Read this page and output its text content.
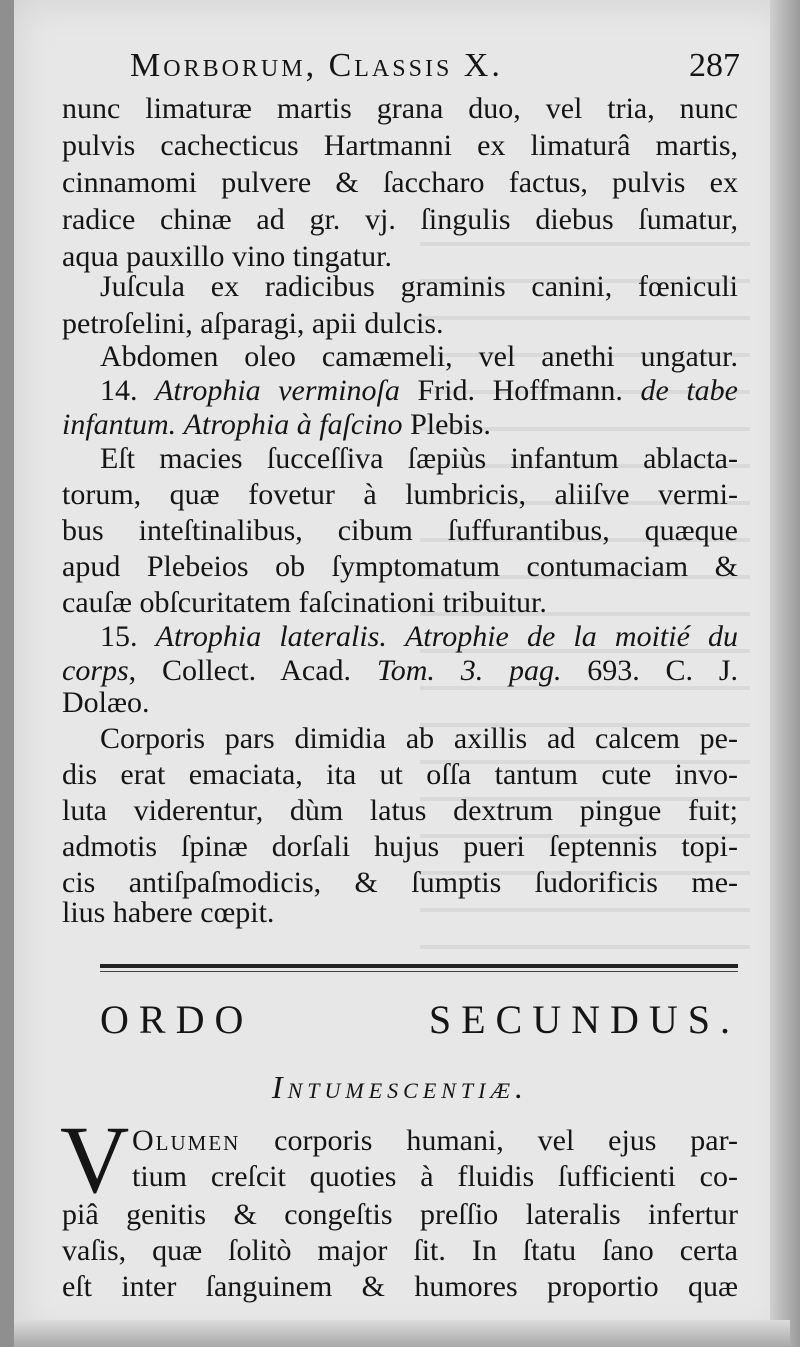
Morborum, Classis X.	287
nunc limaturæ martis grana duo, vel tria, nunc
pulvis cachecticus Hartmanni ex limaturâ martis,
cinnamomi pulvere & ſaccharo factus, pulvis ex
radice chinæ ad gr. vj. ſingulis diebus ſumatur,
aqua pauxillo vino tingatur.
Juſcula ex radicibus graminis canini, fœniculi
petroſelini, aſparagi, apii dulcis.
Abdomen oleo camæmeli, vel anethi ungatur.
14. Atrophia verminoſa Frid. Hoffmann. de tabe
infantum. Atrophia à faſcino Plebis.
Eſt macies ſucceſſiva ſæpiùs infantum ablacta-
torum, quæ fovetur à lumbricis, aliiſve vermi-
bus inteſtinalibus, cibum ſuffurantibus, quæque
apud Plebeios ob ſymptomatum contumaciam &
cauſæ obſcuritatem faſcinationi tribuitur.
15. Atrophia lateralis. Atrophie de la moitié du
corps, Collect. Acad. Tom. 3. pag. 693. C. J.
Dolæo.
Corporis pars dimidia ab axillis ad calcem pe-
dis erat emaciata, ita ut oſſa tantum cute invo-
luta viderentur, dùm latus dextrum pingue fuit;
admotis ſpinæ dorſali hujus pueri ſeptennis topi-
cis antiſpaſmodicis, & ſumptis ſudorificis me-
lius habere cœpit.
ORDO SECUNDUS.
Intumescentiæ.
V Olumen corporis humani, vel ejus par-
tium creſcit quoties à fluidis ſufficienti co-
piâ genitis & congeſtis preſſio lateralis infertur
vaſis, quæ ſolitò major ſit. In ſtatu ſano certa
eſt inter ſanguinem & humores proportio quæ
